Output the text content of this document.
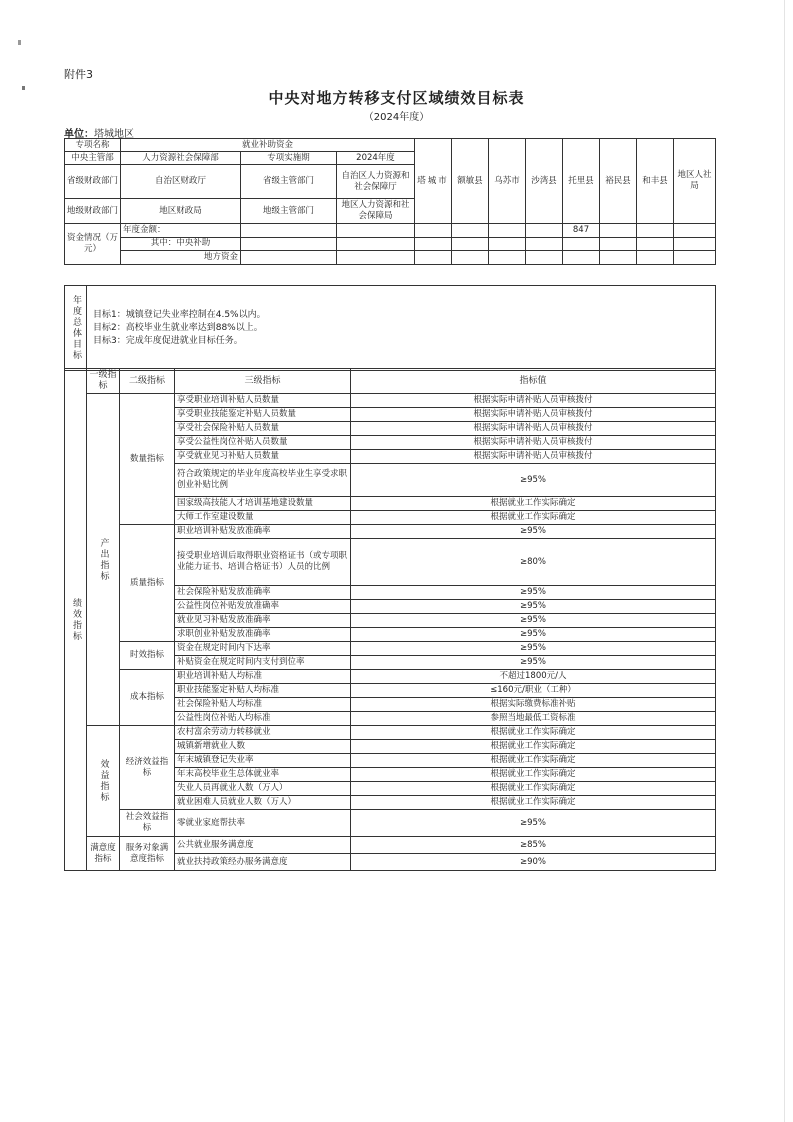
附件3
中央对地方转移支付区域绩效目标表
（2024年度）
单位：塔城地区
专项名称	就业补助资金			塔城市	额敏县	乌苏市	沙湾县	托里县	裕民县	和丰县	地区人社局
中央主管部	人力资源社会保障部	专项实施期	2024年度								
省级财政部门	自治区财政厅	省级主管部门	自治区人力资源和社会保障厅								
地级财政部门	地区财政局	地级主管部门	地区人力资源和社会保障局								
资金情况（万元）	年度金额：							847			
	其中：中央补助										
	地方资金										
年度总体目标	目标1：城镇登记失业率控制在4.5%以内。
目标2：高校毕业生就业率达到88%以上。
目标3：完成年度促进就业目标任务。
绩效指标	一级指标	二级指标	三级指标	指标值
	产出指标	数量指标	享受职业培训补贴人员数量	根据实际申请补贴人员审核拨付
			享受职业技能鉴定补贴人员数量	根据实际申请补贴人员审核拨付
			享受社会保险补贴人员数量	根据实际申请补贴人员审核拨付
			享受公益性岗位补贴人员数量	根据实际申请补贴人员审核拨付
			享受就业见习补贴人员数量	根据实际申请补贴人员审核拨付
			符合政策规定的毕业年度高校毕业生享受求职创业补贴比例	≥95%
			国家级高技能人才培训基地建设数量	根据就业工作实际确定
			大师工作室建设数量	根据就业工作实际确定
		质量指标	职业培训补贴发放准确率	≥95%
			接受职业培训后取得职业资格证书（或专项职业能力证书、培训合格证书）人员的比例	≥80%
			社会保险补贴发放准确率	≥95%
			公益性岗位补贴发放准确率	≥95%
			就业见习补贴发放准确率	≥95%
			求职创业补贴发放准确率	≥95%
		时效指标	资金在规定时间内下达率	≥95%
			补贴资金在规定时间内支付到位率	≥95%
		成本指标	职业培训补贴人均标准	不超过1800元/人
			职业技能鉴定补贴人均标准	≤160元/职业（工种）
			社会保险补贴人均标准	根据实际缴费标准补贴
			公益性岗位补贴人均标准	参照当地最低工资标准
	效益指标	经济效益指标	农村富余劳动力转移就业	根据就业工作实际确定
			城镇新增就业人数	根据就业工作实际确定
			年末城镇登记失业率	根据就业工作实际确定
			年末高校毕业生总体就业率	根据就业工作实际确定
			失业人员再就业人数（万人）	根据就业工作实际确定
			就业困难人员就业人数（万人）	根据就业工作实际确定
		社会效益指标	零就业家庭帮扶率	≥95%
	满意度指标	服务对象满意度指标	公共就业服务满意度	≥85%
			就业扶持政策经办服务满意度	≥90%
